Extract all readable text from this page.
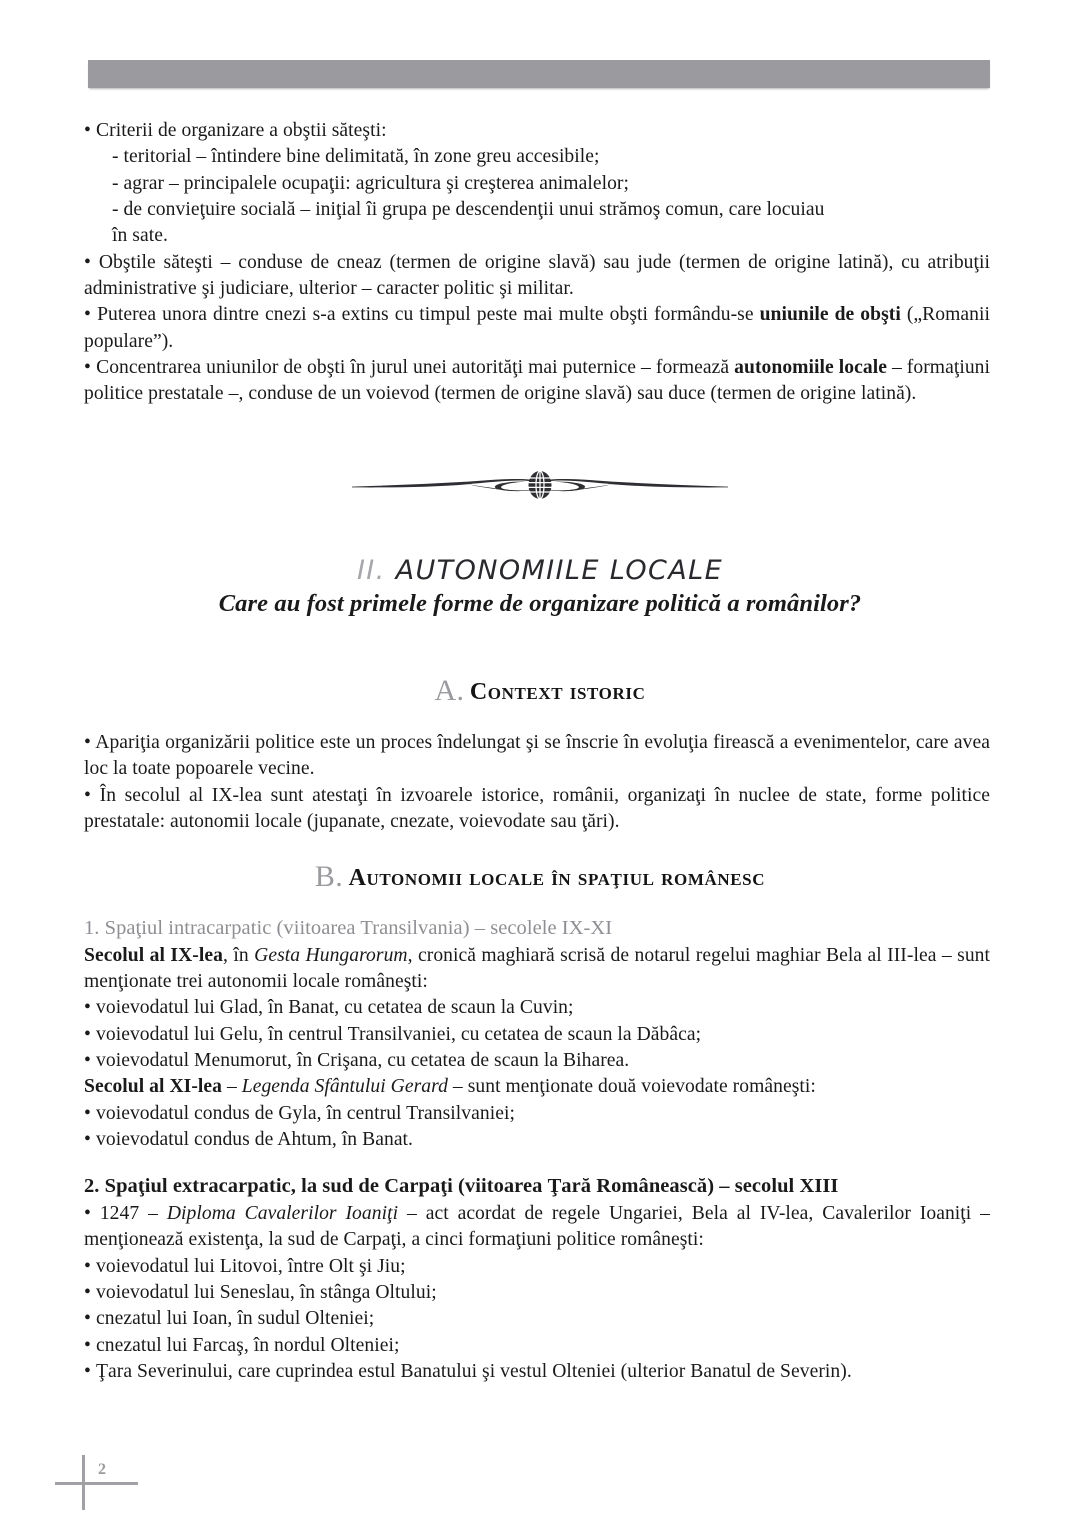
• Criterii de organizare a obştii săteşti:

- teritorial – întindere bine delimitată, în zone greu accesibile;

- agrar – principalele ocupaţii: agricultura şi creşterea animalelor;

- de convieţuire socială – iniţial îi grupa pe descendenţii unui strămoş comun, care locuiau

în sate.

• Obştile săteşti – conduse de cneaz (termen de origine slavă) sau jude (termen de origine latină), cu atribuţii administrative şi judiciare, ulterior – caracter politic şi militar.

• Puterea unora dintre cnezi s-a extins cu timpul peste mai multe obşti formându-se uniunile de obşti („Romanii populare”).

• Concentrarea uniunilor de obşti în jurul unei autorităţi mai puternice – formează autonomiile locale – formaţiuni politice prestatale –, conduse de un voievod (termen de origine slavă) sau duce (termen de origine latină).

II. AUTONOMIILE LOCALE
Care au fost primele forme de organizare politică a românilor?
A. Context istoric

• Apariţia organizării politice este un proces îndelungat şi se înscrie în evoluţia firească a evenimentelor, care avea loc la toate popoarele vecine.

• În secolul al IX-lea sunt atestaţi în izvoarele istorice, românii, organizaţi în nuclee de state, forme politice prestatale: autonomii locale (jupanate, cnezate, voievodate sau ţări).

B. Autonomii locale în spaţiul românesc

1. Spaţiul intracarpatic (viitoarea Transilvania) – secolele IX-XI

Secolul al IX-lea, în Gesta Hungarorum, cronică maghiară scrisă de notarul regelui maghiar Bela al III-lea – sunt menţionate trei autonomii locale româneşti:

• voievodatul lui Glad, în Banat, cu cetatea de scaun la Cuvin;

• voievodatul lui Gelu, în centrul Transilvaniei, cu cetatea de scaun la Dăbâca;

• voievodatul Menumorut, în Crişana, cu cetatea de scaun la Biharea.

Secolul al XI-lea – Legenda Sfântului Gerard – sunt menţionate două voievodate româneşti:

• voievodatul condus de Gyla, în centrul Transilvaniei;

• voievodatul condus de Ahtum, în Banat.

2. Spaţiul extracarpatic, la sud de Carpaţi (viitoarea Ţară Românească) – secolul XIII

• 1247 – Diploma Cavalerilor Ioaniţi – act acordat de regele Ungariei, Bela al IV-lea, Cavalerilor Ioaniţi – menţionează existenţa, la sud de Carpaţi, a cinci formaţiuni politice româneşti:

• voievodatul lui Litovoi, între Olt şi Jiu;

• voievodatul lui Seneslau, în stânga Oltului;

• cnezatul lui Ioan, în sudul Olteniei;

• cnezatul lui Farcaş, în nordul Olteniei;

• Ţara Severinului, care cuprindea estul Banatului şi vestul Olteniei (ulterior Banatul de Severin).

2
